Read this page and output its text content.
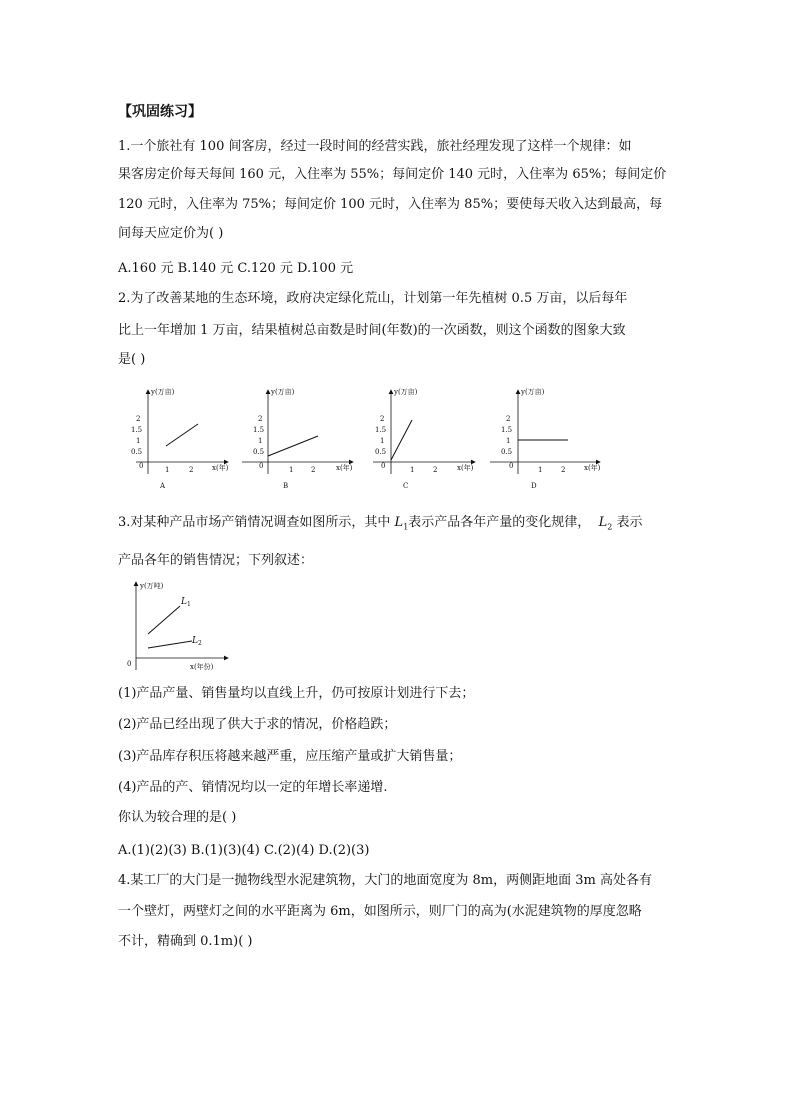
【巩固练习】
1.一个旅社有 100 间客房，经过一段时间的经营实践，旅社经理发现了这样一个规律：如
果客房定价每天每间 160 元，入住率为 55%；每间定价 140 元时，入住率为 65%；每间定价
120 元时，入住率为 75%；每间定价 100 元时，入住率为 85%；要使每天收入达到最高，每
间每天应定价为( )
A.160 元 B.140 元 C.120 元 D.100 元
2.为了改善某地的生态环境，政府决定绿化荒山，计划第一年先植树 0.5 万亩，以后每年
比上一年增加 1 万亩，结果植树总亩数是时间(年数)的一次函数，则这个函数的图象大致
是( )
y(万亩)
2
1.5
1
0.5
0	1	2	x(年)
A
y(万亩)
2
1.5
1
0.5
0	1	2	x(年)
B
y(万亩)
2
1.5
1
0.5
0	1	2	x(年)
C
y(万亩)
2
1.5
1
0.5
0	1	2	x(年)
D
3.对某种产品市场产销情况调查如图所示，其中 $L_1$表示产品各年产量的变化规律， $L_2$ 表示
产品各年的销售情况；下列叙述：
y(万吨)
0	x(年份)
L 1
L 2
(1)产品产量、销售量均以直线上升，仍可按原计划进行下去；
(2)产品已经出现了供大于求的情况，价格趋跌；
(3)产品库存积压将越来越严重，应压缩产量或扩大销售量；
(4)产品的产、销情况均以一定的年增长率递增.
你认为较合理的是( )
A.(1)(2)(3) B.(1)(3)(4) C.(2)(4) D.(2)(3)
4.某工厂的大门是一抛物线型水泥建筑物，大门的地面宽度为 8m，两侧距地面 3m 高处各有
一个壁灯，两壁灯之间的水平距离为 6m，如图所示，则厂门的高为(水泥建筑物的厚度忽略
不计，精确到 0.1m)( )
